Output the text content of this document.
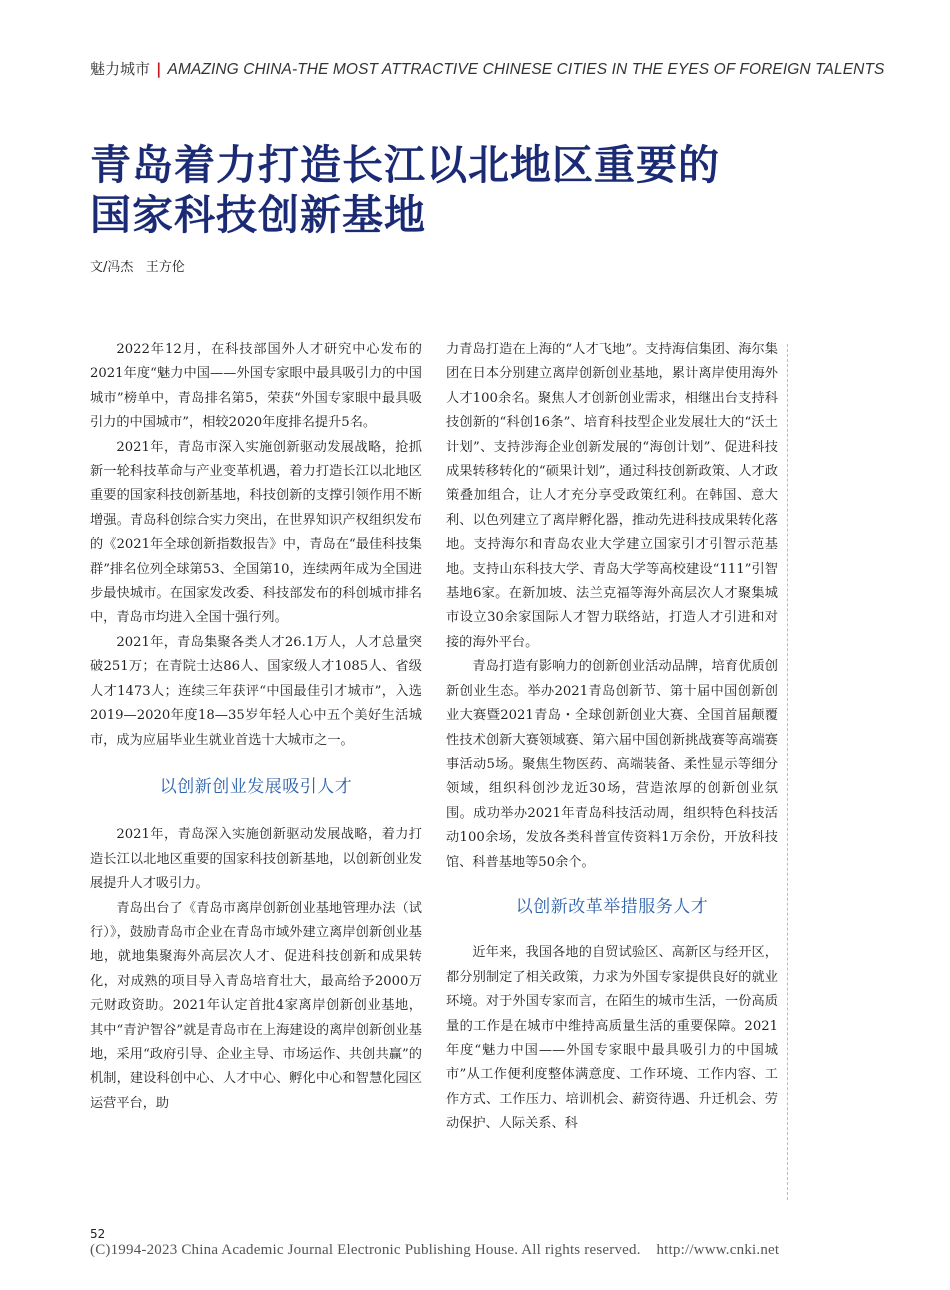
魅力城市 | AMAZING CHINA-THE MOST ATTRACTIVE CHINESE CITIES IN THE EYES OF FOREIGN TALENTS
青岛着力打造长江以北地区重要的
国家科技创新基地
文/冯杰   王方伦

2022年12月，在科技部国外人才研究中心发布的2021年度“魅力中国——外国专家眼中最具吸引力的中国城市”榜单中，青岛排名第5，荣获“外国专家眼中最具吸引力的中国城市”，相较2020年度排名提升5名。

2021年，青岛市深入实施创新驱动发展战略，抢抓新一轮科技革命与产业变革机遇，着力打造长江以北地区重要的国家科技创新基地，科技创新的支撑引领作用不断增强。青岛科创综合实力突出，在世界知识产权组织发布的《2021年全球创新指数报告》中，青岛在“最佳科技集群”排名位列全球第53、全国第10，连续两年成为全国进步最快城市。在国家发改委、科技部发布的科创城市排名中，青岛市均进入全国十强行列。

2021年，青岛集聚各类人才26.1万人，人才总量突破251万；在青院士达86人、国家级人才1085人、省级人才1473人；连续三年获评“中国最佳引才城市”，入选2019—2020年度18—35岁年轻人心中五个美好生活城市，成为应届毕业生就业首选十大城市之一。

以创新创业发展吸引人才

2021年，青岛深入实施创新驱动发展战略，着力打造长江以北地区重要的国家科技创新基地，以创新创业发展提升人才吸引力。

青岛出台了《青岛市离岸创新创业基地管理办法（试行）》，鼓励青岛市企业在青岛市域外建立离岸创新创业基地，就地集聚海外高层次人才、促进科技创新和成果转化，对成熟的项目导入青岛培育壮大，最高给予2000万元财政资助。2021年认定首批4家离岸创新创业基地，其中“青沪智谷”就是青岛市在上海建设的离岸创新创业基地，采用“政府引导、企业主导、市场运作、共创共赢”的机制，建设科创中心、人才中心、孵化中心和智慧化园区运营平台，助

力青岛打造在上海的“人才飞地”。支持海信集团、海尔集团在日本分别建立离岸创新创业基地，累计离岸使用海外人才100余名。聚焦人才创新创业需求，相继出台支持科技创新的“科创16条”、培育科技型企业发展壮大的“沃土计划”、支持涉海企业创新发展的“海创计划”、促进科技成果转移转化的“硕果计划”，通过科技创新政策、人才政策叠加组合，让人才充分享受政策红利。在韩国、意大利、以色列建立了离岸孵化器，推动先进科技成果转化落地。支持海尔和青岛农业大学建立国家引才引智示范基地。支持山东科技大学、青岛大学等高校建设“111”引智基地6家。在新加坡、法兰克福等海外高层次人才聚集城市设立30余家国际人才智力联络站，打造人才引进和对接的海外平台。

青岛打造有影响力的创新创业活动品牌，培育优质创新创业生态。举办2021青岛创新节、第十届中国创新创业大赛暨2021青岛・全球创新创业大赛、全国首届颠覆性技术创新大赛领域赛、第六届中国创新挑战赛等高端赛事活动5场。聚焦生物医药、高端装备、柔性显示等细分领域，组织科创沙龙近30场，营造浓厚的创新创业氛围。成功举办2021年青岛科技活动周，组织特色科技活动100余场，发放各类科普宣传资料1万余份，开放科技馆、科普基地等50余个。

以创新改革举措服务人才

近年来，我国各地的自贸试验区、高新区与经开区，都分别制定了相关政策，力求为外国专家提供良好的就业环境。对于外国专家而言，在陌生的城市生活，一份高质量的工作是在城市中维持高质量生活的重要保障。2021年度“魅力中国——外国专家眼中最具吸引力的中国城市”从工作便利度整体满意度、工作环境、工作内容、工作方式、工作压力、培训机会、薪资待遇、升迁机会、劳动保护、人际关系、科

52
(C)1994-2023 China Academic Journal Electronic Publishing House. All rights reserved.    http://www.cnki.net
